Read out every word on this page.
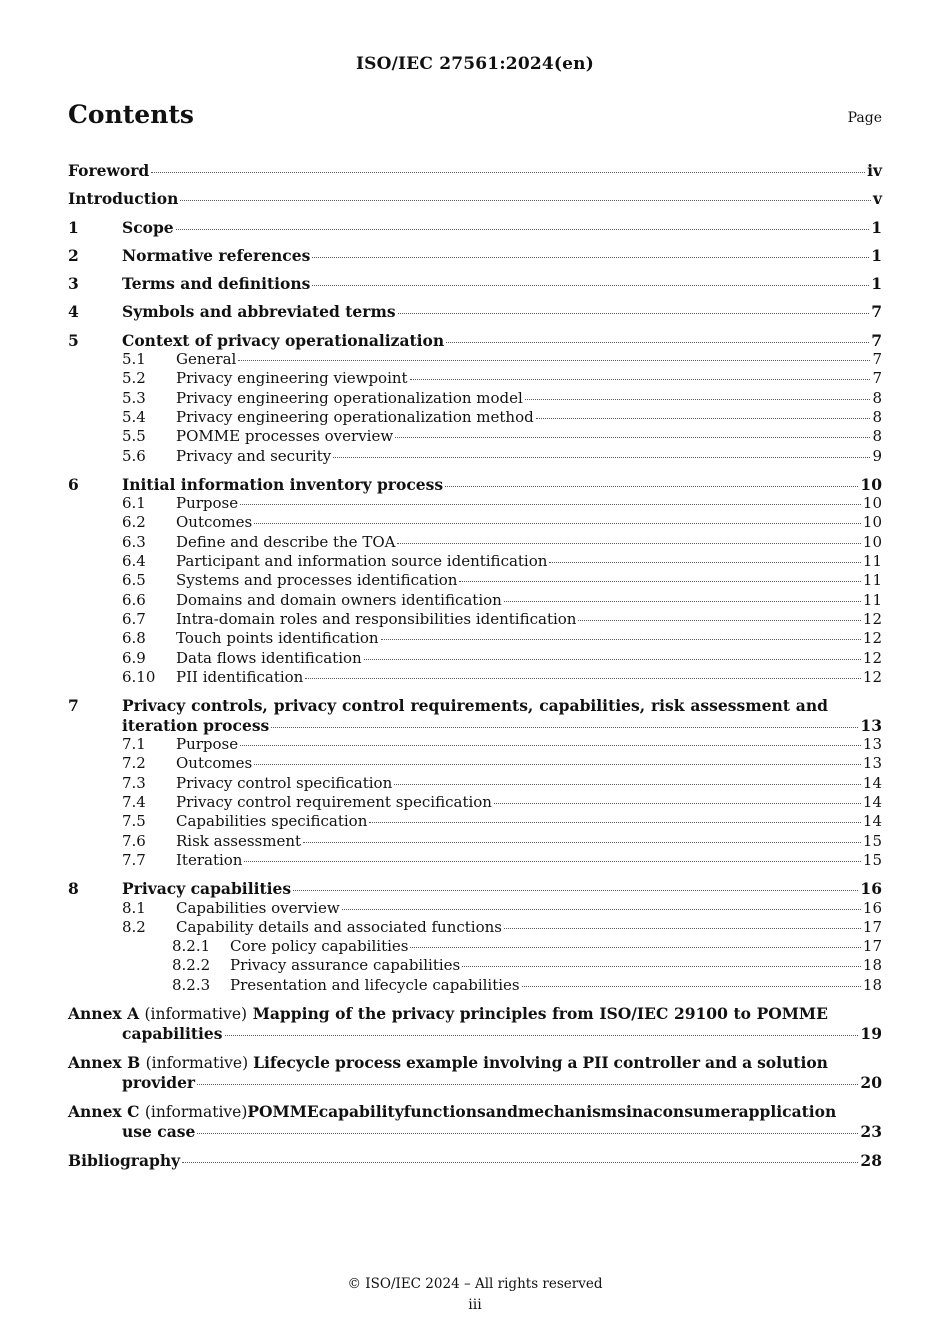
ISO/IEC 27561:2024(en)
Contents	Page
Foreword	iv
Introduction	v
1	Scope	1
2	Normative references	1
3	Terms and definitions	1
4	Symbols and abbreviated terms	7
5	Context of privacy operationalization	7
5.1 General	7
5.2 Privacy engineering viewpoint	7
5.3 Privacy engineering operationalization model	8
5.4 Privacy engineering operationalization method	8
5.5 POMME processes overview	8
5.6 Privacy and security	9
6	Initial information inventory process	10
6.1 Purpose	10
6.2 Outcomes	10
6.3 Define and describe the TOA	10
6.4 Participant and information source identification	11
6.5 Systems and processes identification	11
6.6 Domains and domain owners identification	11
6.7 Intra-domain roles and responsibilities identification	12
6.8 Touch points identification	12
6.9 Data flows identification	12
6.10 PII identification	12
7	Privacy controls, privacy control requirements, capabilities, risk assessment and
iteration process	13
7.1 Purpose	13
7.2 Outcomes	13
7.3 Privacy control specification	14
7.4 Privacy control requirement specification	14
7.5 Capabilities specification	14
7.6 Risk assessment	15
7.7 Iteration	15
8	Privacy capabilities	16
8.1 Capabilities overview	16
8.2 Capability details and associated functions	17
8.2.1 Core policy capabilities	17
8.2.2 Privacy assurance capabilities	18
8.2.3 Presentation and lifecycle capabilities	18
Annex A (informative) Mapping of the privacy principles from ISO/IEC 29100 to POMME
capabilities	19
Annex B (informative) Lifecycle process example involving a PII controller and a solution
provider	20
Annex C (informative) POMME capability functions and mechanisms in a consumer application
use case	23
Bibliography	28
© ISO/IEC 2024 – All rights reserved
iii
